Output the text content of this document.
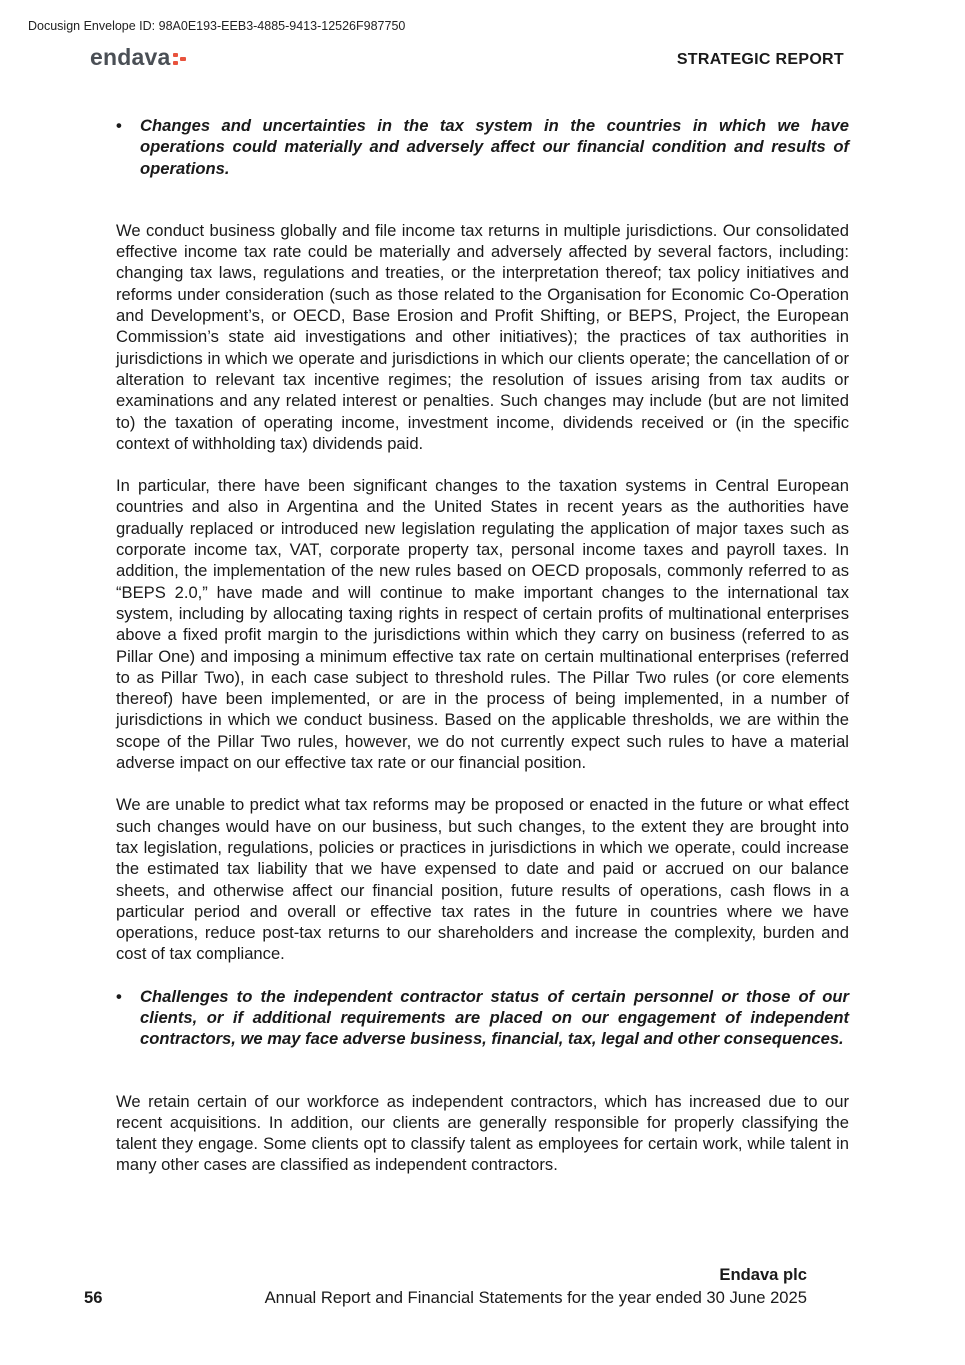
Docusign Envelope ID: 98A0E193-EEB3-4885-9413-12526F987750
endava	STRATEGIC REPORT
• Changes and uncertainties in the tax system in the countries in which we have operations could materially and adversely affect our financial condition and results of operations.

We conduct business globally and file income tax returns in multiple jurisdictions. Our consolidated effective income tax rate could be materially and adversely affected by several factors, including: changing tax laws, regulations and treaties, or the interpretation thereof; tax policy initiatives and reforms under consideration (such as those related to the Organisation for Economic Co-Operation and Development’s, or OECD, Base Erosion and Profit Shifting, or BEPS, Project, the European Commission’s state aid investigations and other initiatives); the practices of tax authorities in jurisdictions in which we operate and jurisdictions in which our clients operate; the cancellation of or alteration to relevant tax incentive regimes; the resolution of issues arising from tax audits or examinations and any related interest or penalties. Such changes may include (but are not limited to) the taxation of operating income, investment income, dividends received or (in the specific context of withholding tax) dividends paid.

In particular, there have been significant changes to the taxation systems in Central European countries and also in Argentina and the United States in recent years as the authorities have gradually replaced or introduced new legislation regulating the application of major taxes such as corporate income tax, VAT, corporate property tax, personal income taxes and payroll taxes. In addition, the implementation of the new rules based on OECD proposals, commonly referred to as “BEPS 2.0,” have made and will continue to make important changes to the international tax system, including by allocating taxing rights in respect of certain profits of multinational enterprises above a fixed profit margin to the jurisdictions within which they carry on business (referred to as Pillar One) and imposing a minimum effective tax rate on certain multinational enterprises (referred to as Pillar Two), in each case subject to threshold rules. The Pillar Two rules (or core elements thereof) have been implemented, or are in the process of being implemented, in a number of jurisdictions in which we conduct business. Based on the applicable thresholds, we are within the scope of the Pillar Two rules, however, we do not currently expect such rules to have a material adverse impact on our effective tax rate or our financial position.

We are unable to predict what tax reforms may be proposed or enacted in the future or what effect such changes would have on our business, but such changes, to the extent they are brought into tax legislation, regulations, policies or practices in jurisdictions in which we operate, could increase the estimated tax liability that we have expensed to date and paid or accrued on our balance sheets, and otherwise affect our financial position, future results of operations, cash flows in a particular period and overall or effective tax rates in the future in countries where we have operations, reduce post-tax returns to our shareholders and increase the complexity, burden and cost of tax compliance.

• Challenges to the independent contractor status of certain personnel or those of our clients, or if additional requirements are placed on our engagement of independent contractors, we may face adverse business, financial, tax, legal and other consequences.

We retain certain of our workforce as independent contractors, which has increased due to our recent acquisitions. In addition, our clients are generally responsible for properly classifying the talent they engage. Some clients opt to classify talent as employees for certain work, while talent in many other cases are classified as independent contractors.

Endava plc
56	Annual Report and Financial Statements for the year ended 30 June 2025
